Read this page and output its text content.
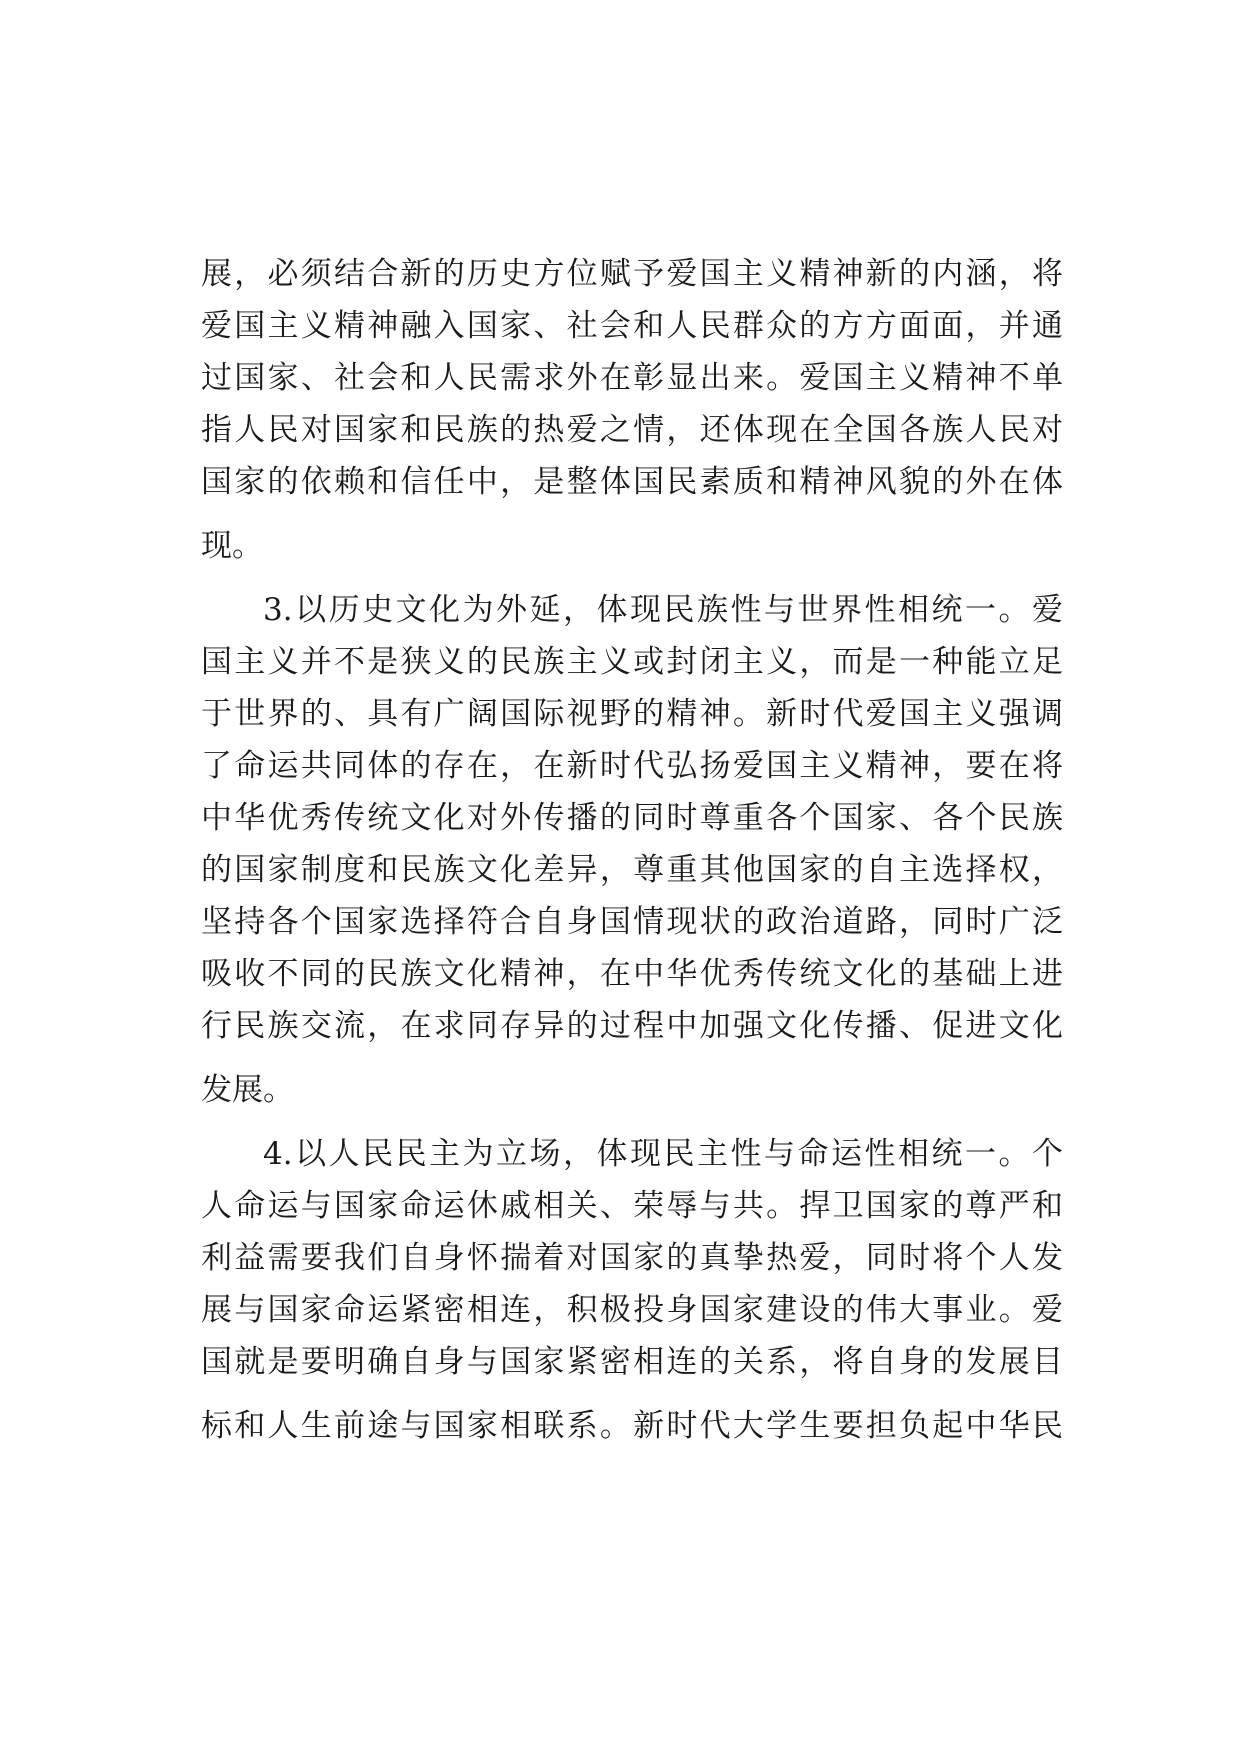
展，必须结合新的历史方位赋予爱国主义精神新的内涵，将
爱国主义精神融入国家、社会和人民群众的方方面面，并通
过国家、社会和人民需求外在彰显出来。爱国主义精神不单
指人民对国家和民族的热爱之情，还体现在全国各族人民对
国家的依赖和信任中，是整体国民素质和精神风貌的外在体
现。
3.以历史文化为外延，体现民族性与世界性相统一。爱
国主义并不是狭义的民族主义或封闭主义，而是一种能立足
于世界的、具有广阔国际视野的精神。新时代爱国主义强调
了命运共同体的存在，在新时代弘扬爱国主义精神，要在将
中华优秀传统文化对外传播的同时尊重各个国家、各个民族
的国家制度和民族文化差异，尊重其他国家的自主选择权，
坚持各个国家选择符合自身国情现状的政治道路，同时广泛
吸收不同的民族文化精神，在中华优秀传统文化的基础上进
行民族交流，在求同存异的过程中加强文化传播、促进文化
发展。
4.以人民民主为立场，体现民主性与命运性相统一。个
人命运与国家命运休戚相关、荣辱与共。捍卫国家的尊严和
利益需要我们自身怀揣着对国家的真挚热爱，同时将个人发
展与国家命运紧密相连，积极投身国家建设的伟大事业。爱
国就是要明确自身与国家紧密相连的关系，将自身的发展目
标和人生前途与国家相联系。新时代大学生要担负起中华民
